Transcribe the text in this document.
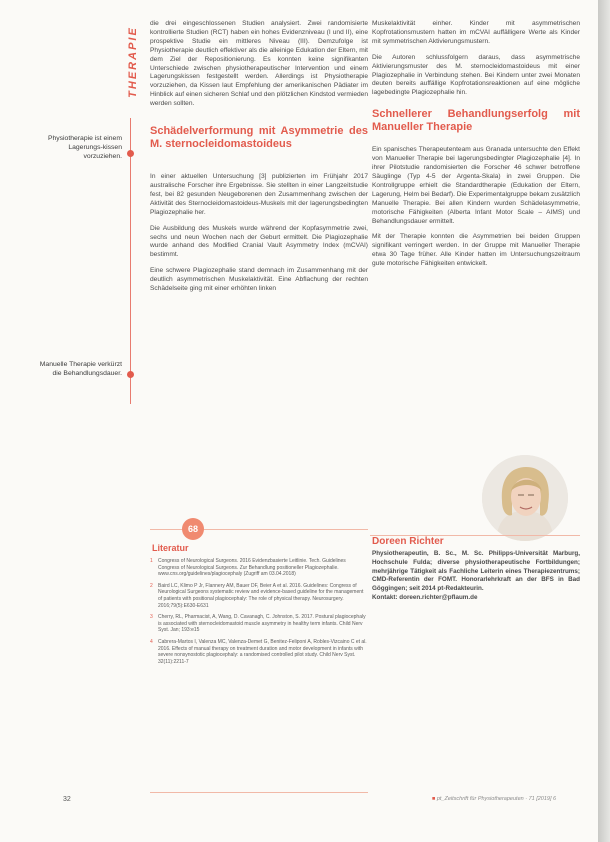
THERAPIE
Physiotherapie ist einem Lagerungs-kissen vorzuziehen.
Manuelle Therapie verkürzt die Behandlungsdauer.

die drei eingeschlossenen Studien analysiert. Zwei randomisierte kontrollierte Studien (RCT) haben ein hohes Evidenzniveau (I und II), eine prospektive Studie ein mittleres Niveau (III). Demzufolge ist Physiotherapie deutlich effektiver als die alleinige Edukation der Eltern, mit dem Ziel der Repositionierung. Es konnten keine signifikanten Unterschiede zwischen physiotherapeutischer Intervention und einem Lagerungskissen festgestellt werden. Allerdings ist Physiotherapie vorzuziehen, da Kissen laut Empfehlung der amerikanischen Pädiater im Hinblick auf einen sicheren Schlaf und den plötzlichen Kindstod vermieden werden sollten.

Schädelverformung mit Asymmetrie des M. sternocleidomastoideus

In einer aktuellen Untersuchung [3] publizierten im Frühjahr 2017 australische Forscher ihre Ergebnisse. Sie stellten in einer Langzeitstudie fest, bei 82 gesunden Neugeborenen den Zusammenhang zwischen der Aktivität des Sternocleidomastoideus-Muskels mit der lagerungsbedingten Plagiozephalie her.

Die Ausbildung des Muskels wurde während der Kopfasymmetrie zwei, sechs und neun Wochen nach der Geburt ermittelt. Die Plagiozephalie wurde anhand des Modified Cranial Vault Asymmetry Index (mCVAI) bestimmt.

Eine schwere Plagiozephalie stand demnach im Zusammenhang mit der deutlich asymmetrischen Muskelaktivität. Eine Abflachung der rechten Schädelseite ging mit einer erhöhten linken

68
Literatur
1	Congress of Neurological Surgeons. 2016 Evidenzbasierte Leitlinie. Tech. Guidelines Congress of Neurological Surgeons. Zur Behandlung positioneller Plagiozephalie. www.cns.org/guidelines/plagiocephaly (Zugriff am 03.04.2018)
2	Baird LC, Klimo P Jr, Flannery AM, Bauer DF, Beier A et al. 2016. Guidelines: Congress of Neurological Surgeons systematic review and evidence-based guideline for the management of patients with positional plagiocephaly: The role of physical therapy. Neurosurgery. 2016;79(5):E630-E631
3	Cherry, RL, Pharmacist, A, Wang, D. Cavanagh, C. Johnston, S. 2017. Postural plagiocephaly is associated with sternocleidomastoid muscle asymmetry in healthy term infants. Child Nerv Syst. Jan; 193:e15
4	Cabrera-Martos I, Valenza MC, Valenza-Demet G, Benitez-Feliponi A, Robles-Vizcaino C et al. 2016. Effects of manual therapy on treatment duration and motor development in infants with severe nonsynostotic plagiocephaly: a randomised controlled pilot study. Child Nerv Syst. 32(11):2211-7

Muskelaktivität einher. Kinder mit asymmetrischen Kopfrotationsmustern hatten im mCVAI auffälligere Werte als Kinder mit symmetrischen Aktivierungsmustern.

Die Autoren schlussfolgern daraus, dass asymmetrische Aktivierungsmuster des M. sternocleidomastoideus mit einer Plagiozephalie in Verbindung stehen. Bei Kindern unter zwei Monaten deuten bereits auffällige Kopfrotationsreaktionen auf eine mögliche lagebedingte Plagiozephalie hin.

Schnellerer Behandlungserfolg mit Manueller Therapie

Ein spanisches Therapeutenteam aus Granada untersuchte den Effekt von Manueller Therapie bei lagerungsbedingter Plagiozephalie [4]. In ihrer Pilotstudie randomisierten die Forscher 46 schwer betroffene Säuglinge (Typ 4-5 der Argenta-Skala) in zwei Gruppen. Die Kontrollgruppe erhielt die Standardtherapie (Edukation der Eltern, Lagerung, Helm bei Bedarf). Die Experimentalgruppe bekam zusätzlich Manuelle Therapie. Bei allen Kindern wurden Schädelasymmetrie, motorische Fähigkeiten (Alberta Infant Motor Scale – AIMS) und Behandlungsdauer ermittelt.

Mit der Therapie konnten die Asymmetrien bei beiden Gruppen signifikant verringert werden. In der Gruppe mit Manueller Therapie etwa 30 Tage früher. Alle Kinder hatten im Untersuchungszeitraum gute motorische Fähigkeiten entwickelt.

Doreen Richter
Physiotherapeutin, B. Sc., M. Sc. Philipps-Universität Marburg, Hochschule Fulda; diverse physiotherapeutische Fortbildungen; mehrjährige Tätigkeit als Fachliche Leiterin eines Therapiezentrums; CMD-Referentin der FOMT. Honorarlehrkraft an der BFS in Bad Göggingen; seit 2014 pt-Redakteurin.
Kontakt: doreen.richter@pflaum.de
32	■ pt_Zeitschrift für Physiotherapeuten · 71 [2019] 6
